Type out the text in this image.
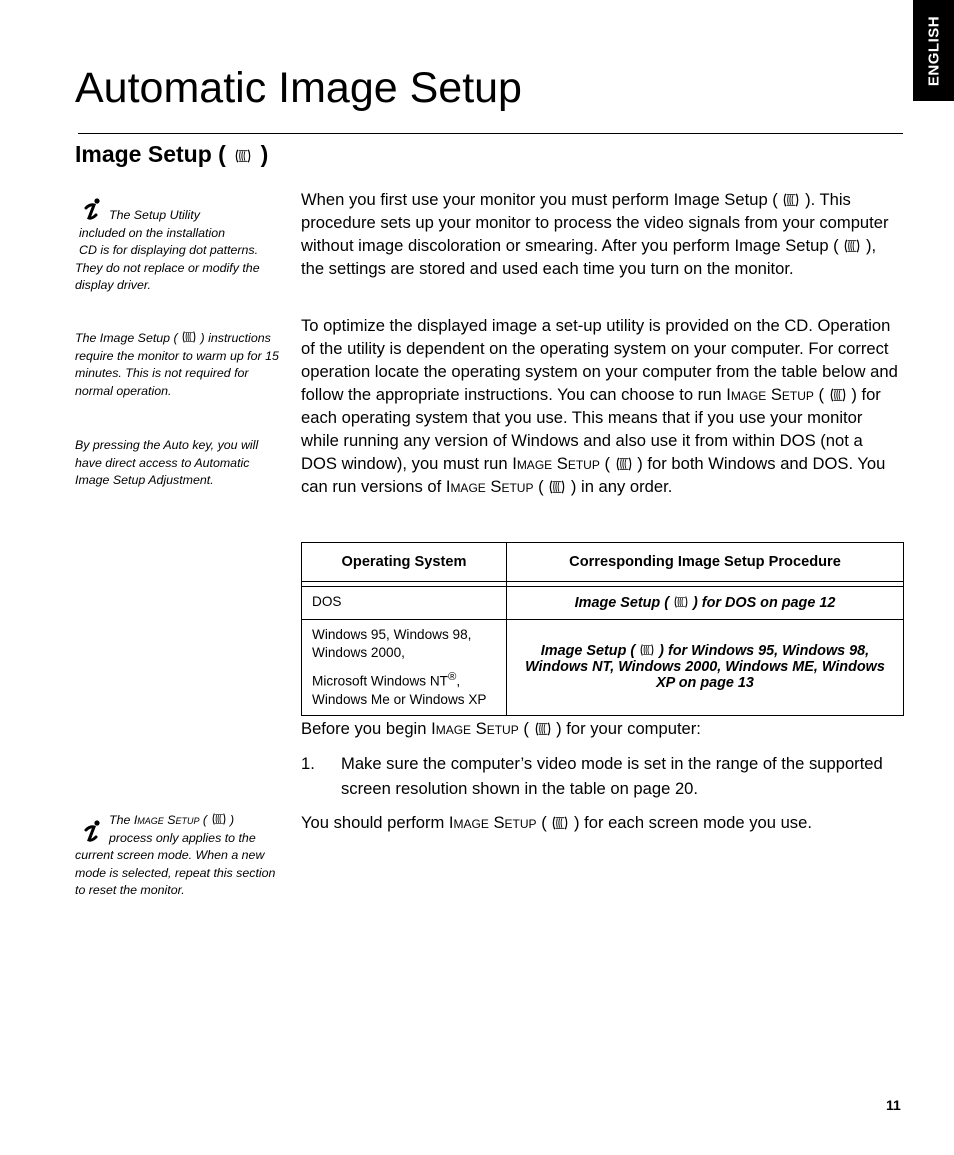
ENGLISH
Automatic Image Setup
Image Setup ( )
The Setup Utility
included on the installation
CD is for displaying dot patterns.
They do not replace or modify the
display driver.
The Image Setup ( ) instructions require the monitor to warm up for 15 minutes. This is not required for normal operation.
By pressing the Auto key, you will have direct access to Automatic Image Setup Adjustment.
The Image Setup ( )
process only applies to the
current screen mode. When a new mode is selected, repeat this section to reset the monitor.

When you first use your monitor you must perform Image Setup ( ). This procedure sets up your monitor to process the video signals from your computer without image discoloration or smearing. After you perform Image Setup ( ), the settings are stored and used each time you turn on the monitor.

To optimize the displayed image a set-up utility is provided on the CD. Operation of the utility is dependent on the operating system on your computer. For correct operation locate the operating system on your computer from the table below and follow the appropriate instructions. You can choose to run Image Setup ( ) for each operating system that you use. This means that if you use your monitor while running any version of Windows and also use it from within DOS (not a DOS window), you must run Image Setup ( ) for both Windows and DOS. You can run versions of Image Setup ( ) in any order.

Operating System	Corresponding Image Setup Procedure

DOS	Image Setup ( ) for DOS on page 12

Windows 95, Windows 98,
Windows 2000,
Microsoft Windows NT®,
Windows Me or Windows XP	Image Setup ( ) for Windows 95, Windows 98, Windows NT, Windows 2000, Windows ME, Windows XP on page 13
Before you begin Image Setup ( ) for your computer:
1. Make sure the computer’s video mode is set in the range of the supported screen resolution shown in the table on page 20.
You should perform Image Setup ( ) for each screen mode you use.
11
